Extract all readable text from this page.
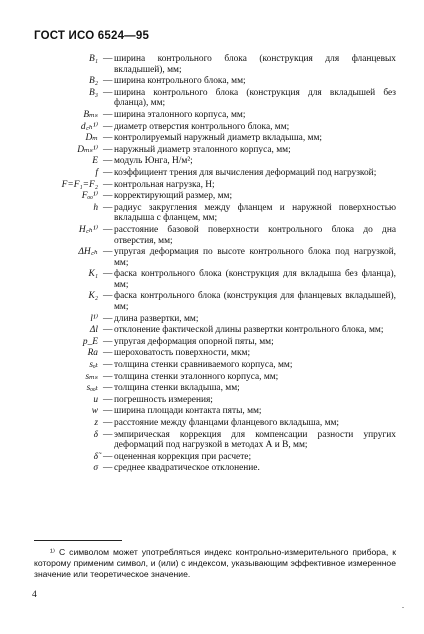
ГОСТ ИСО 6524—95
B₁ — ширина контрольного блока (конструкция для фланцевых вкладышей), мм;
B₂ — ширина контрольного блока, мм;
B₃ — ширина контрольного блока (конструкция для вкладышей без фланца), мм;
Bₘₛ — ширина эталонного корпуса, мм;
d꜀ₕ¹⁾ — диаметр отверстия контрольного блока, мм;
Dₘ — контролируемый наружный диаметр вкладыша, мм;
Dₘₛ¹⁾ — наружный диаметр эталонного корпуса, мм;
E — модуль Юнга, Н/м²;
f — коэффициент трения для вычисления деформаций под нагрузкой;
F=F₁=F₂ — контрольная нагрузка, Н;
Fₒₒ¹⁾ — корректирующий размер, мм;
h — радиус закругления между фланцем и наружной поверхностью вкладыша с фланцем, мм;
H꜀ₕ¹⁾ — расстояние базовой поверхности контрольного блока до дна отверстия, мм;
ΔH꜀ₕ — упругая деформация по высоте контрольного блока под нагрузкой, мм;
K₁ — фаска контрольного блока (конструкция для вкладыша без фланца), мм;
K₂ — фаска контрольного блока (конструкция для фланцевых вкладышей), мм;
l¹⁾ — длина развертки, мм;
Δl — отклонение фактической длины развертки контрольного блока, мм;
p_E — упругая деформация опорной пяты, мм;
Ra — шероховатость поверхности, мкм;
sₒₜ — толщина стенки сравниваемого корпуса, мм;
sₘₛ — толщина стенки эталонного корпуса, мм;
sₒₒₜ — толщина стенки вкладыша, мм;
u — погрешность измерения;
w — ширина площади контакта пяты, мм;
z — расстояние между фланцами фланцевого вкладыша, мм;
δ — эмпирическая коррекция для компенсации разности упругих деформаций под нагрузкой в методах А и В, мм;
δ̃ — оцененная коррекция при расчете;
σ — среднее квадратическое отклонение.
¹⁾ С символом может употребляться индекс контрольно-измерительного прибора, к которому применим символ, и (или) с индексом, указывающим эффективное измеренное значение или теоретическое значение.
4
.
